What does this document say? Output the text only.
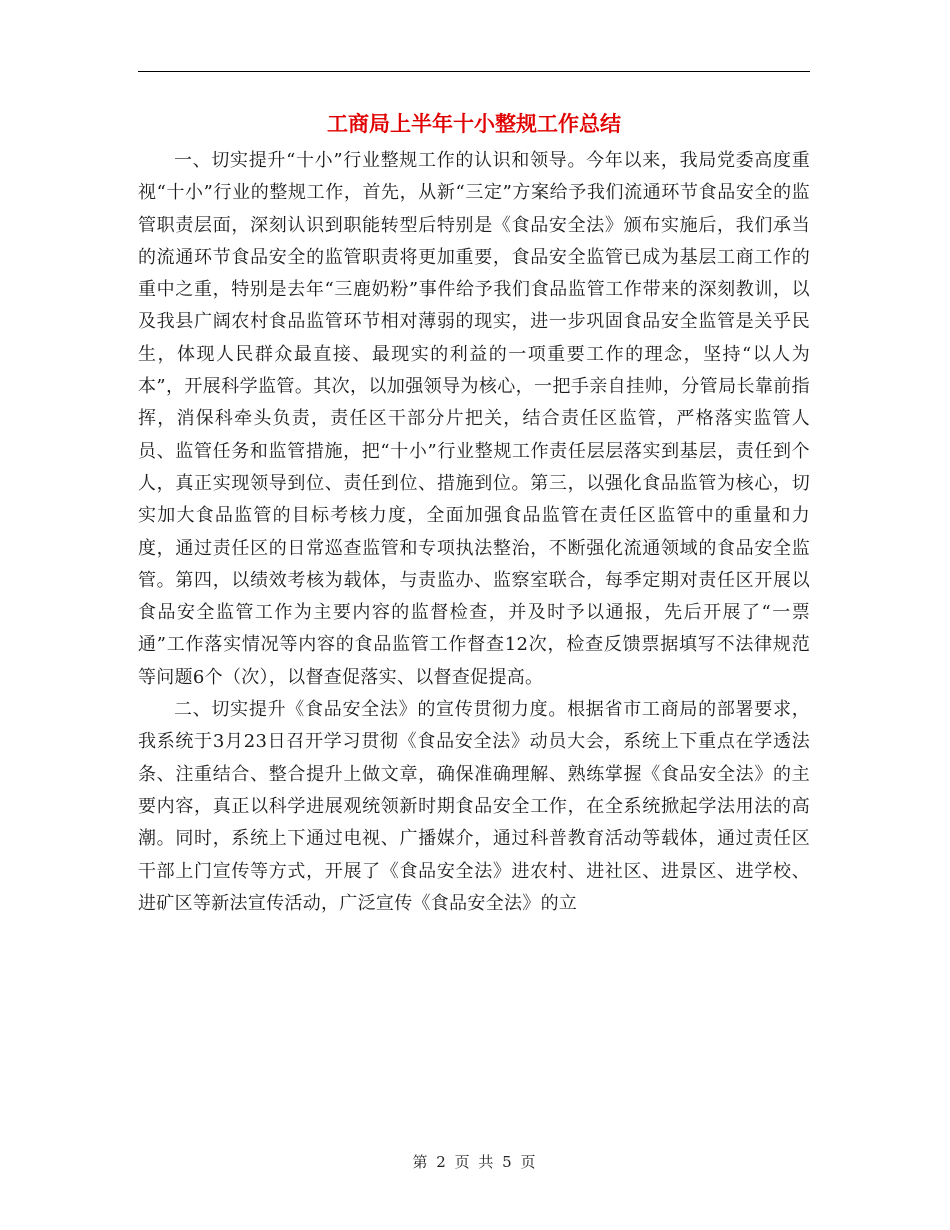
工商局上半年十小整规工作总结

一、切实提升“十小”行业整规工作的认识和领导。今年以来，我局党委高度重视“十小”行业的整规工作，首先，从新“三定”方案给予我们流通环节食品安全的监管职责层面，深刻认识到职能转型后特别是《食品安全法》颁布实施后，我们承当的流通环节食品安全的监管职责将更加重要，食品安全监管已成为基层工商工作的重中之重，特别是去年“三鹿奶粉”事件给予我们食品监管工作带来的深刻教训，以及我县广阔农村食品监管环节相对薄弱的现实，进一步巩固食品安全监管是关乎民生，体现人民群众最直接、最现实的利益的一项重要工作的理念，坚持“以人为本”，开展科学监管。其次，以加强领导为核心，一把手亲自挂帅，分管局长靠前指挥，消保科牵头负责，责任区干部分片把关，结合责任区监管，严格落实监管人员、监管任务和监管措施，把“十小”行业整规工作责任层层落实到基层，责任到个人，真正实现领导到位、责任到位、措施到位。第三，以强化食品监管为核心，切实加大食品监管的目标考核力度，全面加强食品监管在责任区监管中的重量和力度，通过责任区的日常巡查监管和专项执法整治，不断强化流通领域的食品安全监管。第四，以绩效考核为载体，与责监办、监察室联合，每季定期对责任区开展以食品安全监管工作为主要内容的监督检查，并及时予以通报，先后开展了“一票通”工作落实情况等内容的食品监管工作督查12次，检查反馈票据填写不法律规范等问题6个（次），以督查促落实、以督查促提高。

二、切实提升《食品安全法》的宣传贯彻力度。根据省市工商局的部署要求，我系统于3月23日召开学习贯彻《食品安全法》动员大会，系统上下重点在学透法条、注重结合、整合提升上做文章，确保准确理解、熟练掌握《食品安全法》的主要内容，真正以科学进展观统领新时期食品安全工作，在全系统掀起学法用法的高潮。同时，系统上下通过电视、广播媒介，通过科普教育活动等载体，通过责任区干部上门宣传等方式，开展了《食品安全法》进农村、进社区、进景区、进学校、进矿区等新法宣传活动，广泛宣传《食品安全法》的立

第 2 页 共 5 页
